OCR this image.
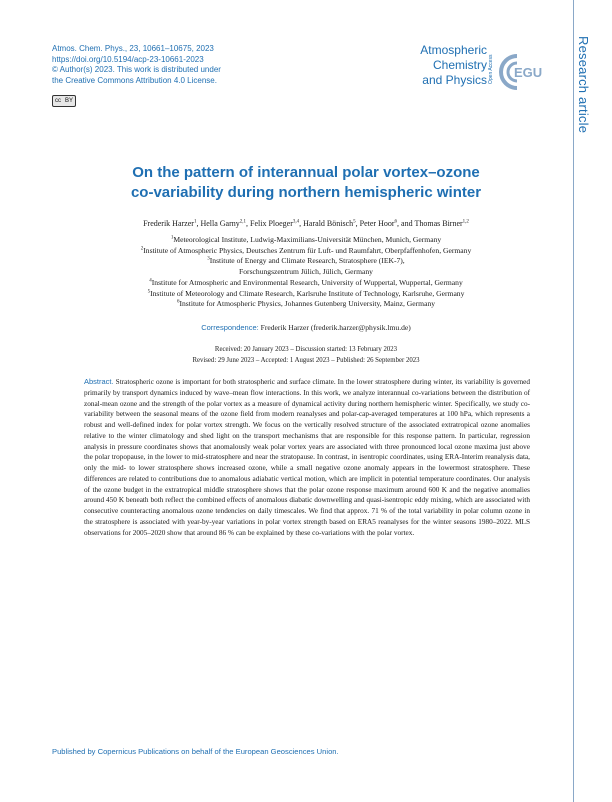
Atmos. Chem. Phys., 23, 10661–10675, 2023
https://doi.org/10.5194/acp-23-10661-2023
© Author(s) 2023. This work is distributed under
the Creative Commons Attribution 4.0 License.
cc BY
Atmospheric
Chemistry
and Physics Open Access EGU	Research article
On the pattern of interannual polar vortex–ozone
co-variability during northern hemispheric winter
Frederik Harzer$^1$, Hella Garny$^{2,1}$, Felix Ploeger$^{3,4}$, Harald Bönisch$^5$, Peter Hoor$^6$, and Thomas Birner$^{1,2}$
$^1$Meteorological Institute, Ludwig-Maximilians-Universität München, Munich, Germany
$^2$Institute of Atmospheric Physics, Deutsches Zentrum für Luft- und Raumfahrt, Oberpfaffenhofen, Germany
$^3$Institute of Energy and Climate Research, Stratosphere (IEK-7),
Forschungszentrum Jülich, Jülich, Germany
$^4$Institute for Atmospheric and Environmental Research, University of Wuppertal, Wuppertal, Germany
$^5$Institute of Meteorology and Climate Research, Karlsruhe Institute of Technology, Karlsruhe, Germany
$^6$Institute for Atmospheric Physics, Johannes Gutenberg University, Mainz, Germany
Correspondence: Frederik Harzer (frederik.harzer@physik.lmu.de)
Received: 20 January 2023 – Discussion started: 13 February 2023
Revised: 29 June 2023 – Accepted: 1 August 2023 – Published: 26 September 2023
Abstract. Stratospheric ozone is important for both stratospheric and surface climate. In the lower stratosphere during winter, its variability is governed primarily by transport dynamics induced by wave–mean flow interactions. In this work, we analyze interannual co-variations between the distribution of zonal-mean ozone and the strength of the polar vortex as a measure of dynamical activity during northern hemispheric winter. Specifically, we study co-variability between the seasonal means of the ozone field from modern reanalyses and polar-cap-averaged temperatures at 100 hPa, which represents a robust and well-defined index for polar vortex strength. We focus on the vertically resolved structure of the associated extratropical ozone anomalies relative to the winter climatology and shed light on the transport mechanisms that are responsible for this response pattern. In particular, regression analysis in pressure coordinates shows that anomalously weak polar vortex years are associated with three pronounced local ozone maxima just above the polar tropopause, in the lower to mid-stratosphere and near the stratopause. In contrast, in isentropic coordinates, using ERA-Interim reanalysis data, only the mid- to lower stratosphere shows increased ozone, while a small negative ozone anomaly appears in the lowermost stratosphere. These differences are related to contributions due to anomalous adiabatic vertical motion, which are implicit in potential temperature coordinates. Our analysis of the ozone budget in the extratropical middle stratosphere shows that the polar ozone response maximum around 600 K and the negative anomalies around 450 K beneath both reflect the combined effects of anomalous diabatic downwelling and quasi-isentropic eddy mixing, which are associated with consecutive counteracting anomalous ozone tendencies on daily timescales. We find that approx. 71 % of the total variability in polar column ozone in the stratosphere is associated with year-by-year variations in polar vortex strength based on ERA5 reanalyses for the winter seasons 1980–2022. MLS observations for 2005–2020 show that around 86 % can be explained by these co-variations with the polar vortex.
Published by Copernicus Publications on behalf of the European Geosciences Union.
